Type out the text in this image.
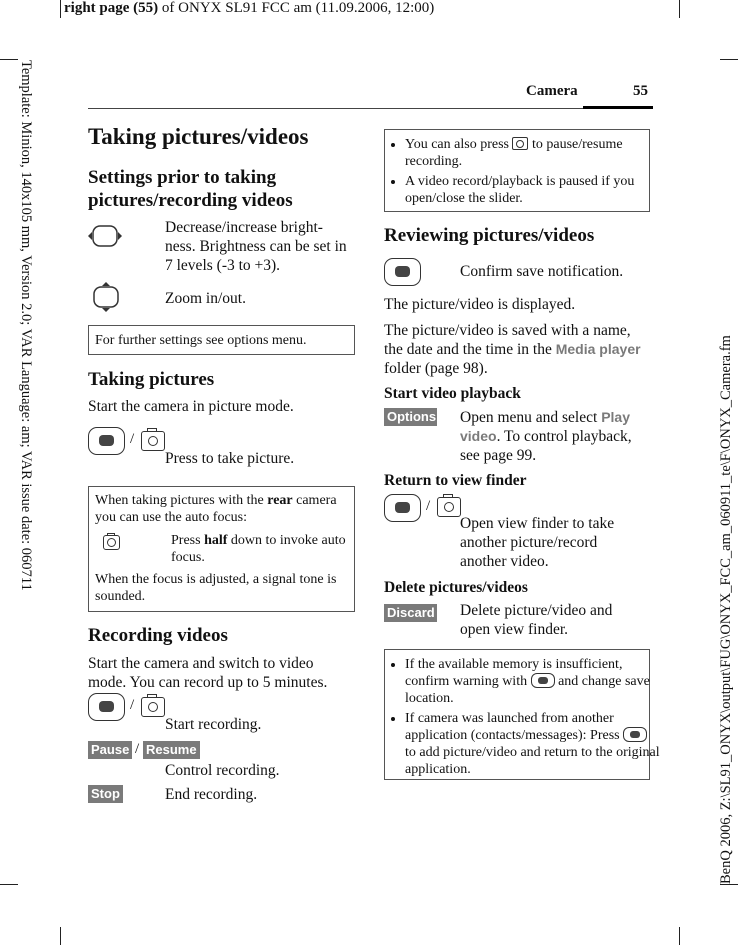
right page (55) of ONYX SL91 FCC am (11.09.2006, 12:00)
Template: Minion, 140x105 mm, Version 2.0; VAR Language: am; VAR issue date: 060711
BenQ 2006, Z:\SL91_ONYX\output\FUG\ONYX_FCC_am_060911_te\F\ONYX_Camera.fm
Camera	55
Taking pictures/videos
Settings prior to taking pictures/recording videos
Decrease/increase bright-ness. Brightness can be set in 7 levels (-3 to +3).
Zoom in/out.
For further settings see options menu.
Taking pictures
Start the camera in picture mode.
/
Press to take picture.
When taking pictures with the rear camera you can use the auto focus:
Press half down to invoke auto focus.
When the focus is adjusted, a signal tone is sounded.
Recording videos
Start the camera and switch to video mode. You can record up to 5 minutes.
/
Start recording.
Pause / Resume
Control recording.
Stop	End recording.
• You can also press  to pause/resume recording.
• A video record/playback is paused if you open/close the slider.
Reviewing pictures/videos
Confirm save notification.
The picture/video is displayed.
The picture/video is saved with a name, the date and the time in the Media player folder (page 98).
Start video playback
Options Open menu and select Play video. To control playback, see page 99.
Return to view finder
/
Open view finder to take another picture/record another video.
Delete pictures/videos
Discard Delete picture/video and open view finder.
• If the available memory is insufficient, confirm warning with  and change save location.
• If camera was launched from another application (contacts/messages): Press  to add picture/video and return to the original application.
